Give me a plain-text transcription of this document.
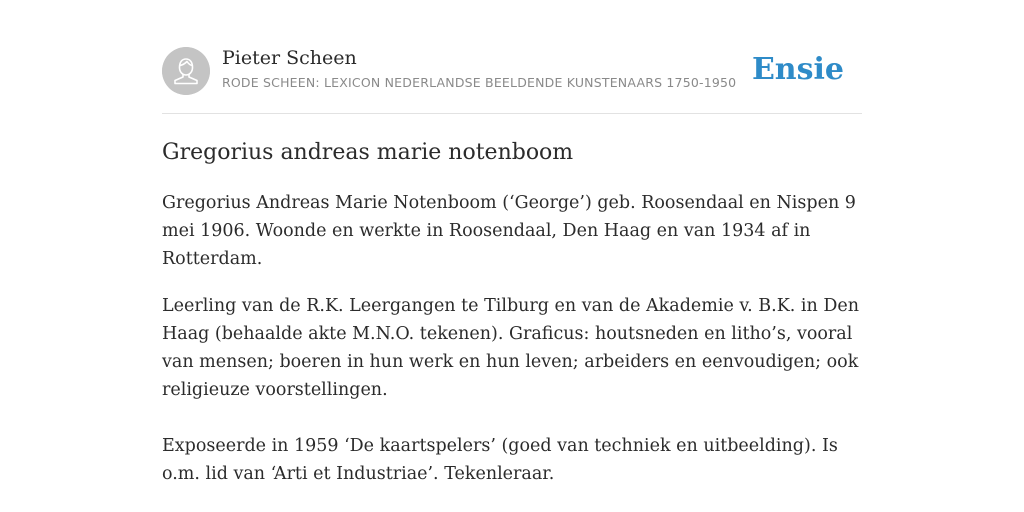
Pieter Scheen
RODE SCHEEN: LEXICON NEDERLANDSE BEELDENDE KUNSTENAARS 1750-1950 Ensie
Gregorius andreas marie notenboom

Gregorius Andreas Marie Notenboom (‘George’) geb. Roosendaal en Nispen 9 mei 1906. Woonde en werkte in Roosendaal, Den Haag en van 1934 af in Rotterdam.

Leerling van de R.K. Leergangen te Tilburg en van de Akademie v. B.K. in Den Haag (behaalde akte M.N.O. tekenen). Graficus: houtsneden en litho’s, vooral van mensen; boeren in hun werk en hun leven; arbeiders en eenvoudigen; ook religieuze voorstellingen.

Exposeerde in 1959 ‘De kaartspelers’ (goed van techniek en uitbeelding). Is o.m. lid van ‘Arti et Industriae’. Tekenleraar.
